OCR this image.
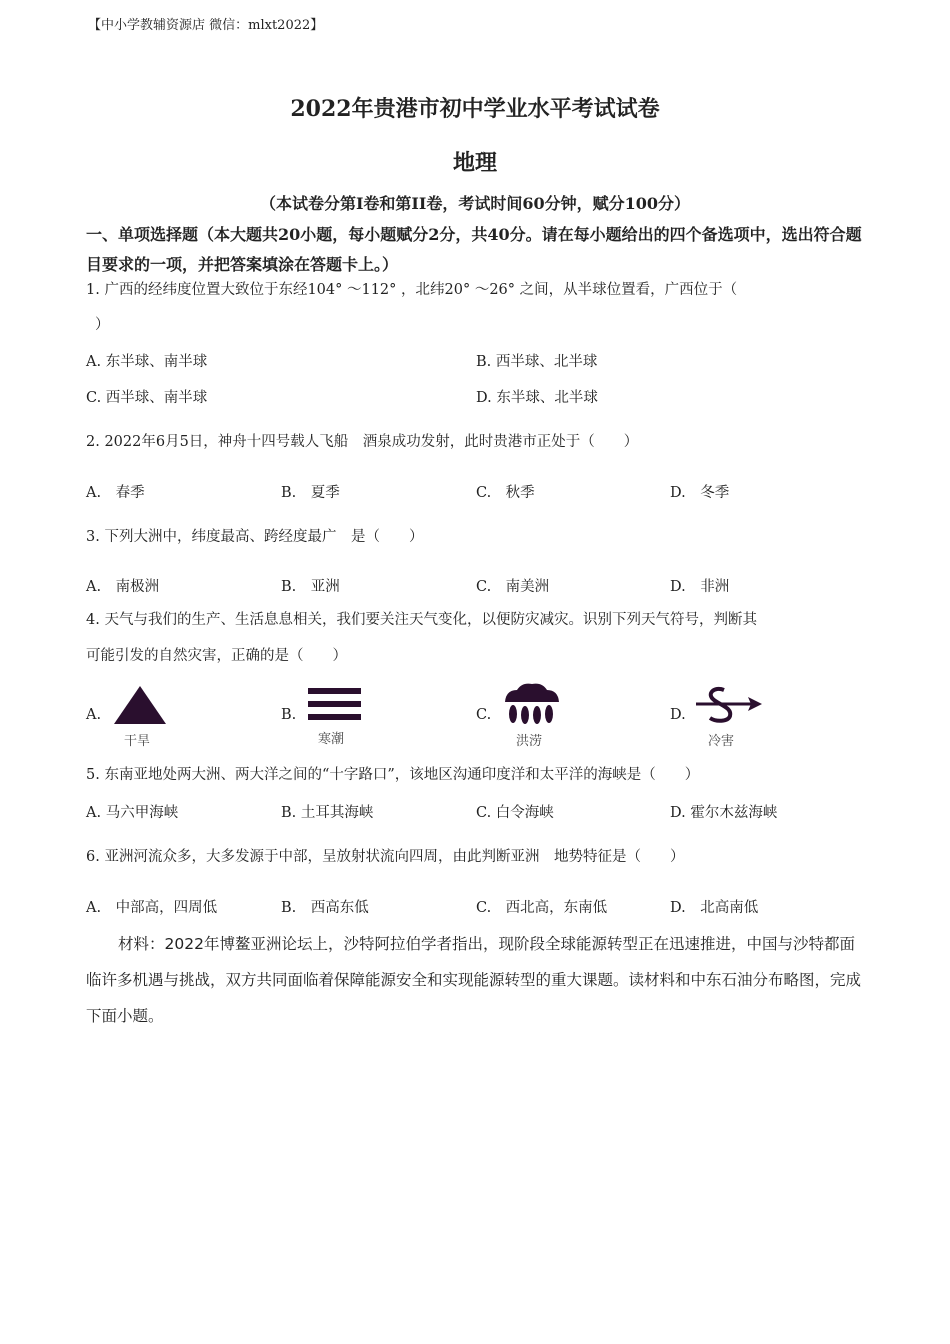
【中小学教辅资源店 微信：mlxt2022】
2022年贵港市初中学业水平考试试卷
地理
（本试卷分第Ⅰ卷和第II卷，考试时间60分钟，赋分100分）
一、单项选择题（本大题共20小题，每小题赋分2分，共40分。请在每小题给出的四个备选项中，选出符合题目要求的一项，并把答案填涂在答题卡上。）
1. 广西的经纬度位置大致位于东经104° ～112° ，北纬20° ～26° 之间，从半球位置看，广西位于（
）
A. 东半球、南半球	B. 西半球、北半球
C. 西半球、南半球	D. 东半球、北半球
2. 2022年6月5日，神舟十四号载人飞船　酒泉成功发射，此时贵港市正处于（　　）
A.　春季	B.　夏季	C.　秋季	D.　冬季
3. 下列大洲中，纬度最高、跨经度最广　是（　　）
A.　南极洲	B.　亚洲	C.　南美洲	D.　非洲
4. 天气与我们的生产、生活息息相关，我们要关注天气变化，以便防灾减灾。识别下列天气符号，判断其
可能引发的自然灾害，正确的是（　　）
A.
干旱
B.
寒潮
C.
洪涝
D.
冷害
5. 东南亚地处两大洲、两大洋之间的“十字路口”，该地区沟通印度洋和太平洋的海峡是（　　）
A. 马六甲海峡	B. 土耳其海峡	C. 白令海峡	D. 霍尔木兹海峡
6. 亚洲河流众多，大多发源于中部，呈放射状流向四周，由此判断亚洲　地势特征是（　　）
A.　中部高，四周低	B.　西高东低	C.　西北高，东南低	D.　北高南低
材料：2022年博鳌亚洲论坛上，沙特阿拉伯学者指出，现阶段全球能源转型正在迅速推进，中国与沙特都面临许多机遇与挑战，双方共同面临着保障能源安全和实现能源转型的重大课题。读材料和中东石油分布略图，完成下面小题。
